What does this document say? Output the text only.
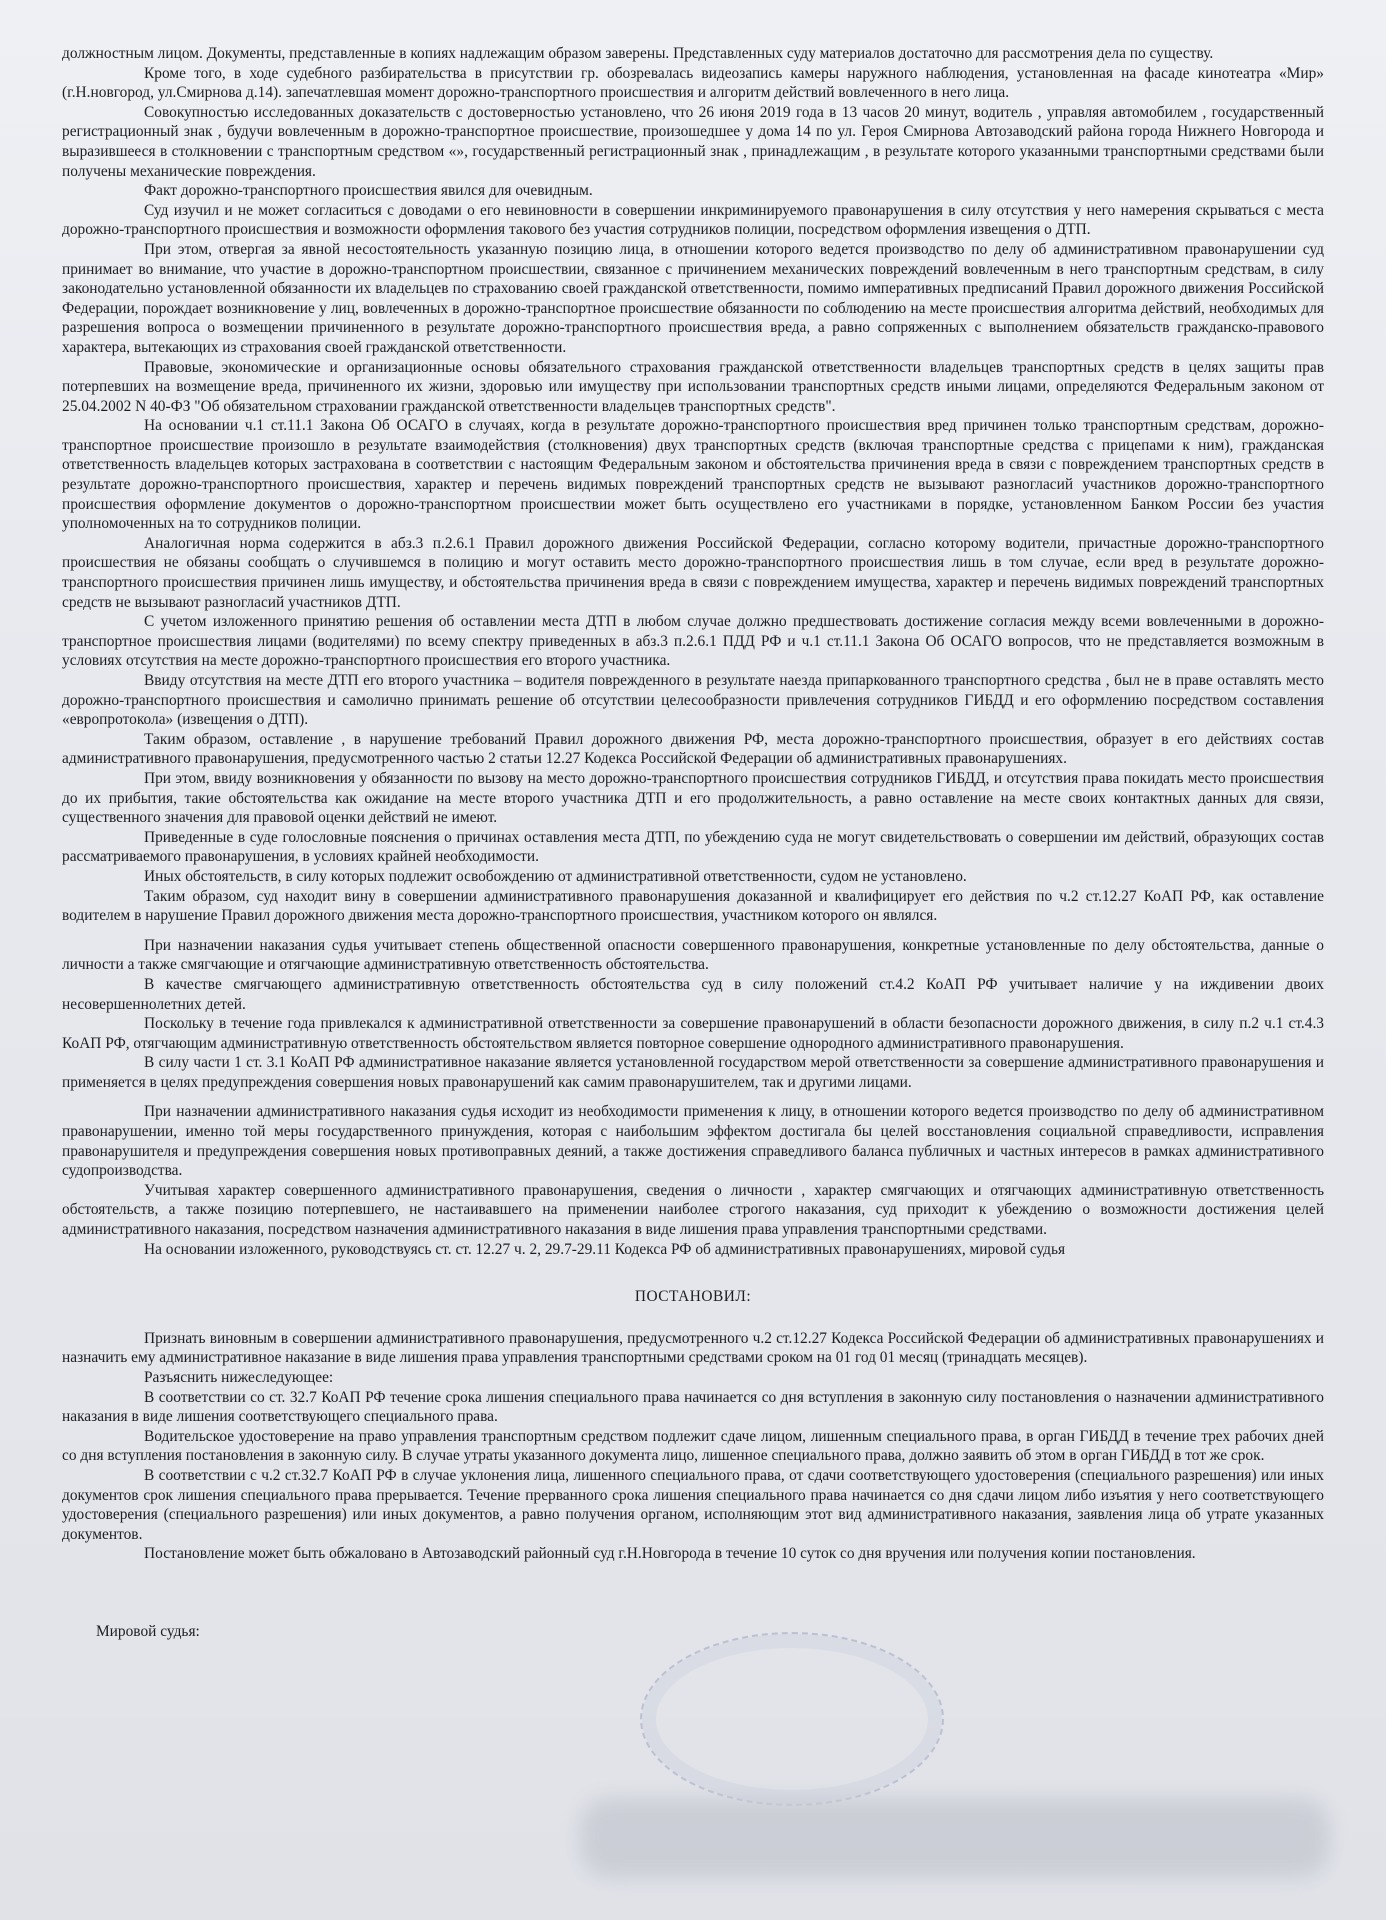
должностным лицом. Документы, представленные в копиях надлежащим образом заверены. Представленных суду материалов достаточно для рассмотрения дела по существу.

Кроме того, в ходе судебного разбирательства в присутствии гр. обозревалась видеозапись камеры наружного наблюдения, установленная на фасаде кинотеатра «Мир» (г.Н.новгород, ул.Смирнова д.14). запечатлевшая момент дорожно-транспортного происшествия и алгоритм действий вовлеченного в него лица.

Совокупностью исследованных доказательств с достоверностью установлено, что 26 июня 2019 года в 13 часов 20 минут, водитель , управляя автомобилем , государственный регистрационный знак , будучи вовлеченным в дорожно-транспортное происшествие, произошедшее у дома 14 по ул. Героя Смирнова Автозаводский района города Нижнего Новгорода и выразившееся в столкновении с транспортным средством «», государственный регистрационный знак , принадлежащим , в результате которого указанными транспортными средствами были получены механические повреждения.

Факт дорожно-транспортного происшествия явился для очевидным.

Суд изучил и не может согласиться с доводами о его невиновности в совершении инкриминируемого правонарушения в силу отсутствия у него намерения скрываться с места дорожно-транспортного происшествия и возможности оформления такового без участия сотрудников полиции, посредством оформления извещения о ДТП.

При этом, отвергая за явной несостоятельность указанную позицию лица, в отношении которого ведется производство по делу об административном правонарушении суд принимает во внимание, что участие в дорожно-транспортном происшествии, связанное с причинением механических повреждений вовлеченным в него транспортным средствам, в силу законодательно установленной обязанности их владельцев по страхованию своей гражданской ответственности, помимо императивных предписаний Правил дорожного движения Российской Федерации, порождает возникновение у лиц, вовлеченных в дорожно-транспортное происшествие обязанности по соблюдению на месте происшествия алгоритма действий, необходимых для разрешения вопроса о возмещении причиненного в результате дорожно-транспортного происшествия вреда, а равно сопряженных с выполнением обязательств гражданско-правового характера, вытекающих из страхования своей гражданской ответственности.

Правовые, экономические и организационные основы обязательного страхования гражданской ответственности владельцев транспортных средств в целях защиты прав потерпевших на возмещение вреда, причиненного их жизни, здоровью или имуществу при использовании транспортных средств иными лицами, определяются Федеральным законом от 25.04.2002 N 40-ФЗ "Об обязательном страховании гражданской ответственности владельцев транспортных средств".

На основании ч.1 ст.11.1 Закона Об ОСАГО в случаях, когда в результате дорожно-транспортного происшествия вред причинен только транспортным средствам, дорожно-транспортное происшествие произошло в результате взаимодействия (столкновения) двух транспортных средств (включая транспортные средства с прицепами к ним), гражданская ответственность владельцев которых застрахована в соответствии с настоящим Федеральным законом и обстоятельства причинения вреда в связи с повреждением транспортных средств в результате дорожно-транспортного происшествия, характер и перечень видимых повреждений транспортных средств не вызывают разногласий участников дорожно-транспортного происшествия оформление документов о дорожно-транспортном происшествии может быть осуществлено его участниками в порядке, установленном Банком России без участия уполномоченных на то сотрудников полиции.

Аналогичная норма содержится в абз.3 п.2.6.1 Правил дорожного движения Российской Федерации, согласно которому водители, причастные дорожно-транспортного происшествия не обязаны сообщать о случившемся в полицию и могут оставить место дорожно-транспортного происшествия лишь в том случае, если вред в результате дорожно-транспортного происшествия причинен лишь имуществу, и обстоятельства причинения вреда в связи с повреждением имущества, характер и перечень видимых повреждений транспортных средств не вызывают разногласий участников ДТП.

С учетом изложенного принятию решения об оставлении места ДТП в любом случае должно предшествовать достижение согласия между всеми вовлеченными в дорожно-транспортное происшествия лицами (водителями) по всему спектру приведенных в абз.3 п.2.6.1 ПДД РФ и ч.1 ст.11.1 Закона Об ОСАГО вопросов, что не представляется возможным в условиях отсутствия на месте дорожно-транспортного происшествия его второго участника.

Ввиду отсутствия на месте ДТП его второго участника – водителя поврежденного в результате наезда припаркованного транспортного средства , был не в праве оставлять место дорожно-транспортного происшествия и самолично принимать решение об отсутствии целесообразности привлечения сотрудников ГИБДД и его оформлению посредством составления «европротокола» (извещения о ДТП).

Таким образом, оставление , в нарушение требований Правил дорожного движения РФ, места дорожно-транспортного происшествия, образует в его действиях состав административного правонарушения, предусмотренного частью 2 статьи 12.27 Кодекса Российской Федерации об административных правонарушениях.

При этом, ввиду возникновения у обязанности по вызову на место дорожно-транспортного происшествия сотрудников ГИБДД, и отсутствия права покидать место происшествия до их прибытия, такие обстоятельства как ожидание на месте второго участника ДТП и его продолжительность, а равно оставление на месте своих контактных данных для связи, существенного значения для правовой оценки действий не имеют.

Приведенные в суде голословные пояснения о причинах оставления места ДТП, по убеждению суда не могут свидетельствовать о совершении им действий, образующих состав рассматриваемого правонарушения, в условиях крайней необходимости.

Иных обстоятельств, в силу которых подлежит освобождению от административной ответственности, судом не установлено.

Таким образом, суд находит вину в совершении административного правонарушения доказанной и квалифицирует его действия по ч.2 ст.12.27 КоАП РФ, как оставление водителем в нарушение Правил дорожного движения места дорожно-транспортного происшествия, участником которого он являлся.

При назначении наказания судья учитывает степень общественной опасности совершенного правонарушения, конкретные установленные по делу обстоятельства, данные о личности а также смягчающие и отягчающие административную ответственность обстоятельства.

В качестве смягчающего административную ответственность обстоятельства суд в силу положений ст.4.2 КоАП РФ учитывает наличие у на иждивении двоих несовершеннолетних детей.

Поскольку в течение года привлекался к административной ответственности за совершение правонарушений в области безопасности дорожного движения, в силу п.2 ч.1 ст.4.3 КоАП РФ, отягчающим административную ответственность обстоятельством является повторное совершение однородного административного правонарушения.

В силу части 1 ст. 3.1 КоАП РФ административное наказание является установленной государством мерой ответственности за совершение административного правонарушения и применяется в целях предупреждения совершения новых правонарушений как самим правонарушителем, так и другими лицами.

При назначении административного наказания судья исходит из необходимости применения к лицу, в отношении которого ведется производство по делу об административном правонарушении, именно той меры государственного принуждения, которая с наибольшим эффектом достигала бы целей восстановления социальной справедливости, исправления правонарушителя и предупреждения совершения новых противоправных деяний, а также достижения справедливого баланса публичных и частных интересов в рамках административного судопроизводства.

Учитывая характер совершенного административного правонарушения, сведения о личности , характер смягчающих и отягчающих административную ответственность обстоятельств, а также позицию потерпевшего, не настаивавшего на применении наиболее строгого наказания, суд приходит к убеждению о возможности достижения целей административного наказания, посредством назначения административного наказания в виде лишения права управления транспортными средствами.

На основании изложенного, руководствуясь ст. ст. 12.27 ч. 2, 29.7-29.11 Кодекса РФ об административных правонарушениях, мировой судья

ПОСТАНОВИЛ:

Признать виновным в совершении административного правонарушения, предусмотренного ч.2 ст.12.27 Кодекса Российской Федерации об административных правонарушениях и назначить ему административное наказание в виде лишения права управления транспортными средствами сроком на 01 год 01 месяц (тринадцать месяцев).

Разъяснить нижеследующее:

В соответствии со ст. 32.7 КоАП РФ течение срока лишения специального права начинается со дня вступления в законную силу постановления о назначении административного наказания в виде лишения соответствующего специального права.

Водительское удостоверение на право управления транспортным средством подлежит сдаче лицом, лишенным специального права, в орган ГИБДД в течение трех рабочих дней со дня вступления постановления в законную силу. В случае утраты указанного документа лицо, лишенное специального права, должно заявить об этом в орган ГИБДД в тот же срок.

В соответствии с ч.2 ст.32.7 КоАП РФ в случае уклонения лица, лишенного специального права, от сдачи соответствующего удостоверения (специального разрешения) или иных документов срок лишения специального права прерывается. Течение прерванного срока лишения специального права начинается со дня сдачи лицом либо изъятия у него соответствующего удостоверения (специального разрешения) или иных документов, а равно получения органом, исполняющим этот вид административного наказания, заявления лица об утрате указанных документов.

Постановление может быть обжаловано в Автозаводский районный суд г.Н.Новгорода в течение 10 суток со дня вручения или получения копии постановления.

Мировой судья:
